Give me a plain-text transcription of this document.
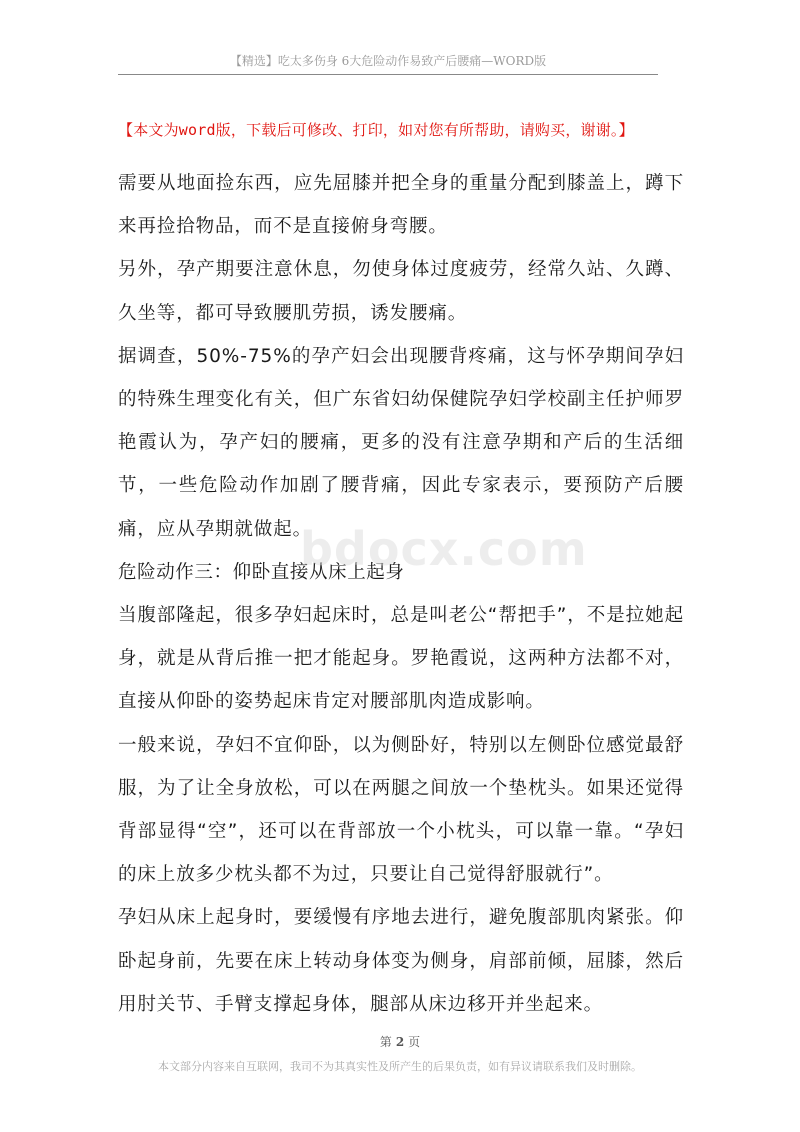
【精选】吃太多伤身 6大危险动作易致产后腰痛—WORD版
【本文为word版，下载后可修改、打印，如对您有所帮助，请购买，谢谢。】

需要从地面捡东西，应先屈膝并把全身的重量分配到膝盖上，蹲下来再捡拾物品，而不是直接俯身弯腰。

另外，孕产期要注意休息，勿使身体过度疲劳，经常久站、久蹲、久坐等，都可导致腰肌劳损，诱发腰痛。

据调查，50%-75%的孕产妇会出现腰背疼痛，这与怀孕期间孕妇的特殊生理变化有关，但广东省妇幼保健院孕妇学校副主任护师罗艳霞认为，孕产妇的腰痛，更多的没有注意孕期和产后的生活细节，一些危险动作加剧了腰背痛，因此专家表示，要预防产后腰痛，应从孕期就做起。

危险动作三：仰卧直接从床上起身

当腹部隆起，很多孕妇起床时，总是叫老公“帮把手”，不是拉她起身，就是从背后推一把才能起身。罗艳霞说，这两种方法都不对，直接从仰卧的姿势起床肯定对腰部肌肉造成影响。

一般来说，孕妇不宜仰卧，以为侧卧好，特别以左侧卧位感觉最舒服，为了让全身放松，可以在两腿之间放一个垫枕头。如果还觉得背部显得“空”，还可以在背部放一个小枕头，可以靠一靠。“孕妇的床上放多少枕头都不为过，只要让自己觉得舒服就行”。

孕妇从床上起身时，要缓慢有序地去进行，避免腹部肌肉紧张。仰卧起身前，先要在床上转动身体变为侧身，肩部前倾，屈膝，然后用肘关节、手臂支撑起身体，腿部从床边移开并坐起来。

bdocx.com
第 2 页
本文部分内容来自互联网，我司不为其真实性及所产生的后果负责，如有异议请联系我们及时删除。
